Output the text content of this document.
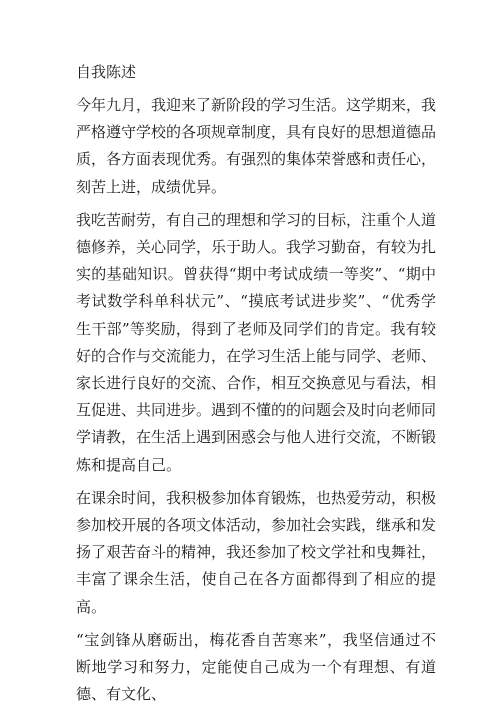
自我陈述

今年九月，我迎来了新阶段的学习生活。这学期来，我严格遵守学校的各项规章制度，具有良好的思想道德品质，各方面表现优秀。有强烈的集体荣誉感和责任心，刻苦上进，成绩优异。

我吃苦耐劳，有自己的理想和学习的目标，注重个人道德修养，关心同学，乐于助人。我学习勤奋，有较为扎实的基础知识。曾获得“期中考试成绩一等奖”、“期中考试数学科单科状元”、“摸底考试进步奖”、“优秀学生干部”等奖励，得到了老师及同学们的肯定。我有较好的合作与交流能力，在学习生活上能与同学、老师、家长进行良好的交流、合作，相互交换意见与看法，相互促进、共同进步。遇到不懂的的问题会及时向老师同学请教，在生活上遇到困惑会与他人进行交流，不断锻炼和提高自己。

在课余时间，我积极参加体育锻炼，也热爱劳动，积极参加校开展的各项文体活动，参加社会实践，继承和发扬了艰苦奋斗的精神，我还参加了校文学社和曳舞社，丰富了课余生活，使自己在各方面都得到了相应的提高。

“宝剑锋从磨砺出，梅花香自苦寒来”，我坚信通过不断地学习和努力，定能使自己成为一个有理想、有道德、有文化、
